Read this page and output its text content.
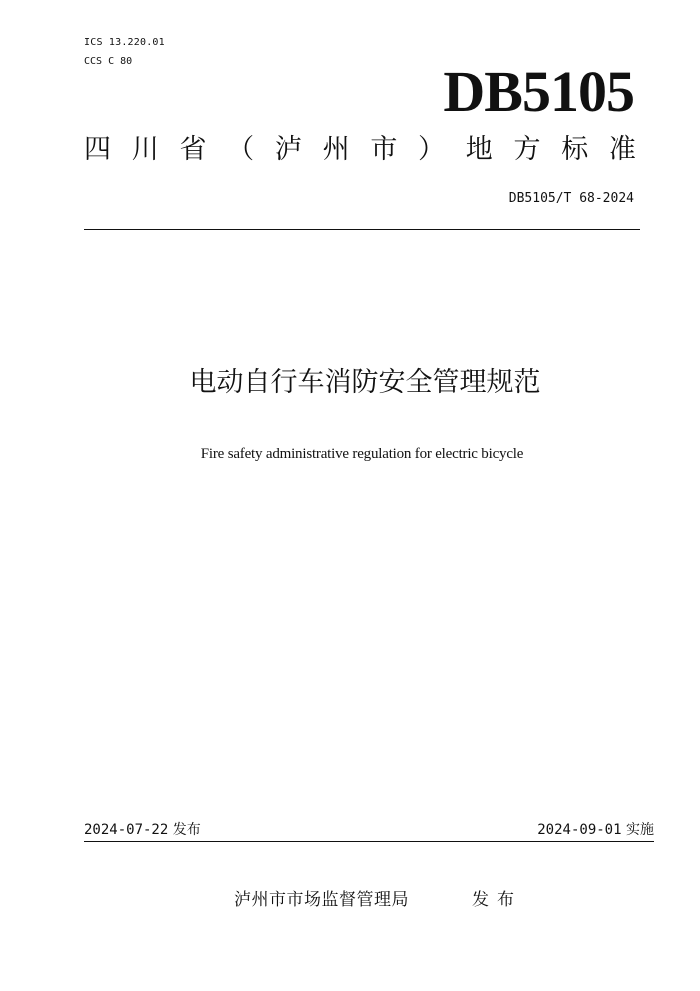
ICS 13.220.01
CCS C 80	DB5105
四 川 省 （ 泸 州 市 ） 地 方 标 准
DB5105/T 68-2024
电动自行车消防安全管理规范
Fire safety administrative regulation for electric bicycle
2024-07-22 发布	2024-09-01 实施
泸州市市场监督管理局	发布
